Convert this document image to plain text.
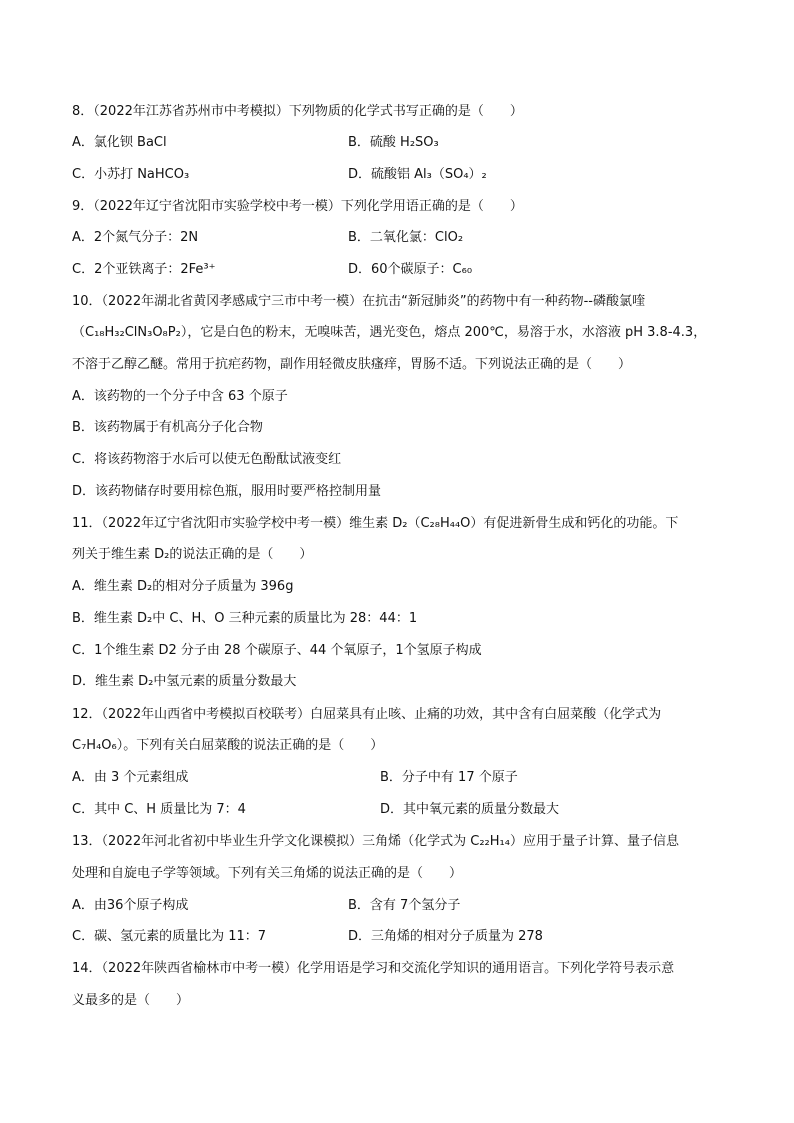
8．（2022年江苏省苏州市中考模拟）下列物质的化学式书写正确的是（　　）
A．氯化钡 BaCl	B．硫酸 H₂SO₃
C．小苏打 NaHCO₃	D．硫酸铝 Al₃（SO₄）₂
9．（2022年辽宁省沈阳市实验学校中考一模）下列化学用语正确的是（　　）
A．2个氮气分子：2N	B．二氧化氯：ClO₂
C．2个亚铁离子：2Fe³⁺	D．60个碳原子：C₆₀
10．（2022年湖北省黄冈孝感咸宁三市中考一模）在抗击“新冠肺炎”的药物中有一种药物--磷酸氯喹
（C₁₈H₃₂ClN₃O₈P₂），它是白色的粉末，无嗅味苦，遇光变色，熔点 200℃，易溶于水，水溶液 pH 3.8-4.3，
不溶于乙醇乙醚。常用于抗疟药物，副作用轻微皮肤瘙痒，胃肠不适。下列说法正确的是（　　）
A．该药物的一个分子中含 63 个原子
B．该药物属于有机高分子化合物
C．将该药物溶于水后可以使无色酚酞试液变红
D．该药物储存时要用棕色瓶，服用时要严格控制用量
11．（2022年辽宁省沈阳市实验学校中考一模）维生素 D₂（C₂₈H₄₄O）有促进新骨生成和钙化的功能。下
列关于维生素 D₂的说法正确的是（　　）
A．维生素 D₂的相对分子质量为 396g
B．维生素 D₂中 C、H、O 三种元素的质量比为 28：44：1
C．1个维生素 D2 分子由 28 个碳原子、44 个氧原子，1个氢原子构成
D．维生素 D₂中氢元素的质量分数最大
12．（2022年山西省中考模拟百校联考）白屈菜具有止咳、止痛的功效，其中含有白屈菜酸（化学式为
C₇H₄O₆）。下列有关白屈菜酸的说法正确的是（　　）
A．由 3 个元素组成	B．分子中有 17 个原子
C．其中 C、H 质量比为 7：4	D．其中氧元素的质量分数最大
13．（2022年河北省初中毕业生升学文化课模拟）三角烯（化学式为 C₂₂H₁₄）应用于量子计算、量子信息
处理和自旋电子学等领域。下列有关三角烯的说法正确的是（　　）
A．由36个原子构成	B．含有 7个氢分子
C．碳、氢元素的质量比为 11：7	D．三角烯的相对分子质量为 278
14．（2022年陕西省榆林市中考一模）化学用语是学习和交流化学知识的通用语言。下列化学符号表示意
义最多的是（　　）
